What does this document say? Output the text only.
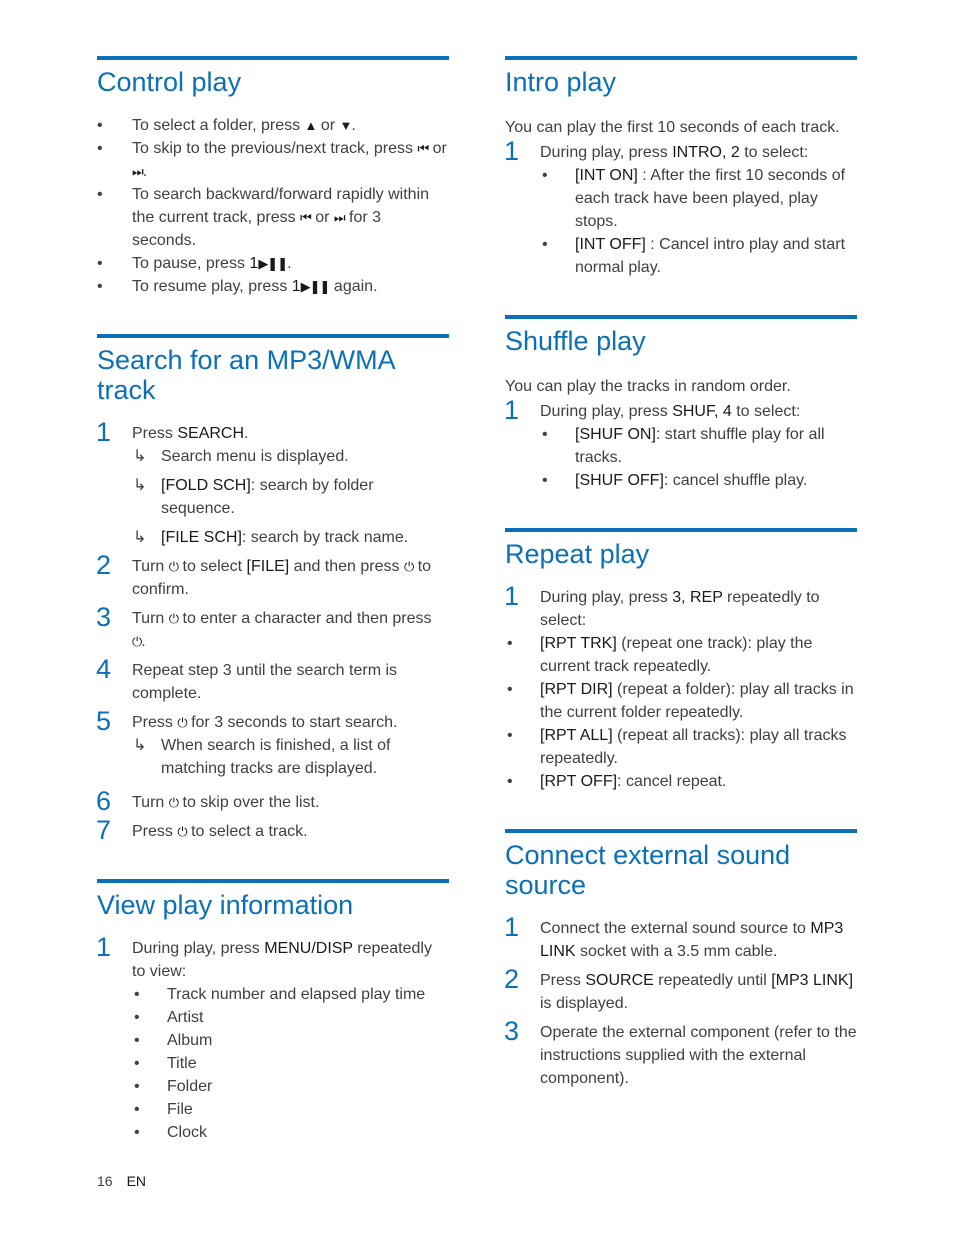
Control play
• To select a folder, press ▲ or ▼.
• To skip to the previous/next track, press ⏮ or ⏭.
• To search backward/forward rapidly within the current track, press ⏮ or ⏭ for 3 seconds.
• To pause, press 1▶❚❚.
• To resume play, press 1▶❚❚ again.
Search for an MP3/WMA track
1 Press SEARCH.
↳ Search menu is displayed.
↳ [FOLD SCH]: search by folder sequence.
↳ [FILE SCH]: search by track name.
2 Turn ⏻ to select [FILE] and then press ⏻ to confirm.
3 Turn ⏻ to enter a character and then press ⏻.
4 Repeat step 3 until the search term is complete.
5 Press ⏻ for 3 seconds to start search.
↳ When search is finished, a list of matching tracks are displayed.
6 Turn ⏻ to skip over the list.
7 Press ⏻ to select a track.
View play information
1 During play, press MENU/DISP repeatedly to view:
• Track number and elapsed play time
• Artist
• Album
• Title
• Folder
• File
• Clock
Intro play

You can play the first 10 seconds of each track.

1 During play, press INTRO, 2 to select:
• [INT ON] : After the first 10 seconds of each track have been played, play stops.
• [INT OFF] : Cancel intro play and start normal play.
Shuffle play

You can play the tracks in random order.

1 During play, press SHUF, 4 to select:
• [SHUF ON]: start shuffle play for all tracks.
• [SHUF OFF]: cancel shuffle play.
Repeat play
1 During play, press 3, REP repeatedly to select:
• [RPT TRK] (repeat one track): play the current track repeatedly.
• [RPT DIR] (repeat a folder): play all tracks in the current folder repeatedly.
• [RPT ALL] (repeat all tracks): play all tracks repeatedly.
• [RPT OFF]: cancel repeat.
Connect external sound source
1 Connect the external sound source to MP3 LINK socket with a 3.5 mm cable.
2 Press SOURCE repeatedly until [MP3 LINK] is displayed.
3 Operate the external component (refer to the instructions supplied with the external component).
16 EN
